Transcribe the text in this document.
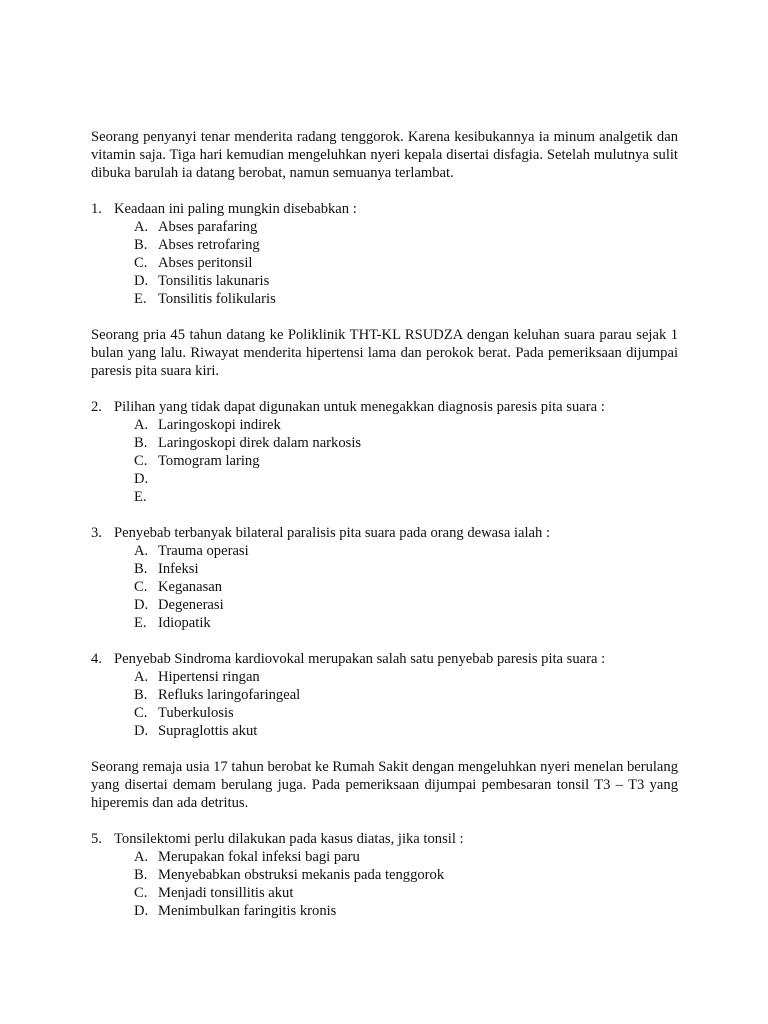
Seorang penyanyi tenar menderita radang tenggorok. Karena kesibukannya ia minum analgetik dan vitamin saja. Tiga hari kemudian mengeluhkan nyeri kepala disertai disfagia. Setelah mulutnya sulit dibuka barulah ia datang berobat, namun semuanya terlambat.

1. Keadaan ini paling mungkin disebabkan :
A. Abses parafaring
B. Abses retrofaring
C. Abses peritonsil
D. Tonsilitis lakunaris
E. Tonsilitis folikularis

Seorang pria 45 tahun datang ke Poliklinik THT-KL RSUDZA dengan keluhan suara parau sejak 1 bulan yang lalu. Riwayat menderita hipertensi lama dan perokok berat. Pada pemeriksaan dijumpai paresis pita suara kiri.

2. Pilihan yang tidak dapat digunakan untuk menegakkan diagnosis paresis pita suara :
A. Laringoskopi indirek
B. Laringoskopi direk dalam narkosis
C. Tomogram laring
D.
E.
3. Penyebab terbanyak bilateral paralisis pita suara pada orang dewasa ialah :
A. Trauma operasi
B. Infeksi
C. Keganasan
D. Degenerasi
E. Idiopatik
4. Penyebab Sindroma kardiovokal merupakan salah satu penyebab paresis pita suara :
A. Hipertensi ringan
B. Refluks laringofaringeal
C. Tuberkulosis
D. Supraglottis akut

Seorang remaja usia 17 tahun berobat ke Rumah Sakit dengan mengeluhkan nyeri menelan berulang yang disertai demam berulang juga. Pada pemeriksaan dijumpai pembesaran tonsil T3 – T3 yang hiperemis dan ada detritus.

5. Tonsilektomi perlu dilakukan pada kasus diatas, jika tonsil :
A. Merupakan fokal infeksi bagi paru
B. Menyebabkan obstruksi mekanis pada tenggorok
C. Menjadi tonsillitis akut
D. Menimbulkan faringitis kronis
